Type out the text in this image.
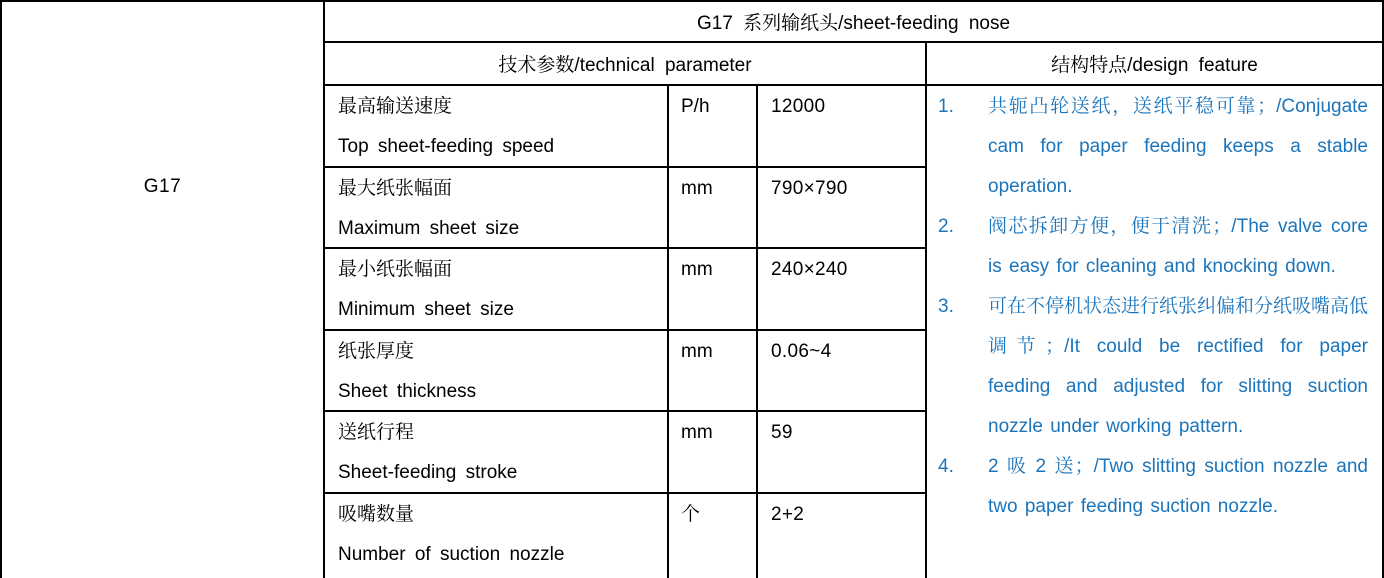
G17
G17 系列输纸头/sheet-feeding nose
技术参数/technical parameter	结构特点/design feature
最高输送速度
Top sheet-feeding speed
P/h	12000
最大纸张幅面
Maximum sheet size
mm	790×790
最小纸张幅面
Minimum sheet size
mm	240×240
纸张厚度
Sheet thickness
mm	0.06~4
送纸行程
Sheet-feeding stroke
mm	59
吸嘴数量
Number of suction nozzle
个	2+2
1.	共轭凸轮送纸，送纸平稳可靠；/Conjugate cam for paper feeding keeps a stable operation.
2.	阀芯拆卸方便，便于清洗；/The valve core is easy for cleaning and knocking down.
3.	可在不停机状态进行纸张纠偏和分纸吸嘴高低调节；/It could be rectified for paper feeding and adjusted for slitting suction nozzle under working pattern.
4.	2 吸 2 送；/Two slitting suction nozzle and two paper feeding suction nozzle.
